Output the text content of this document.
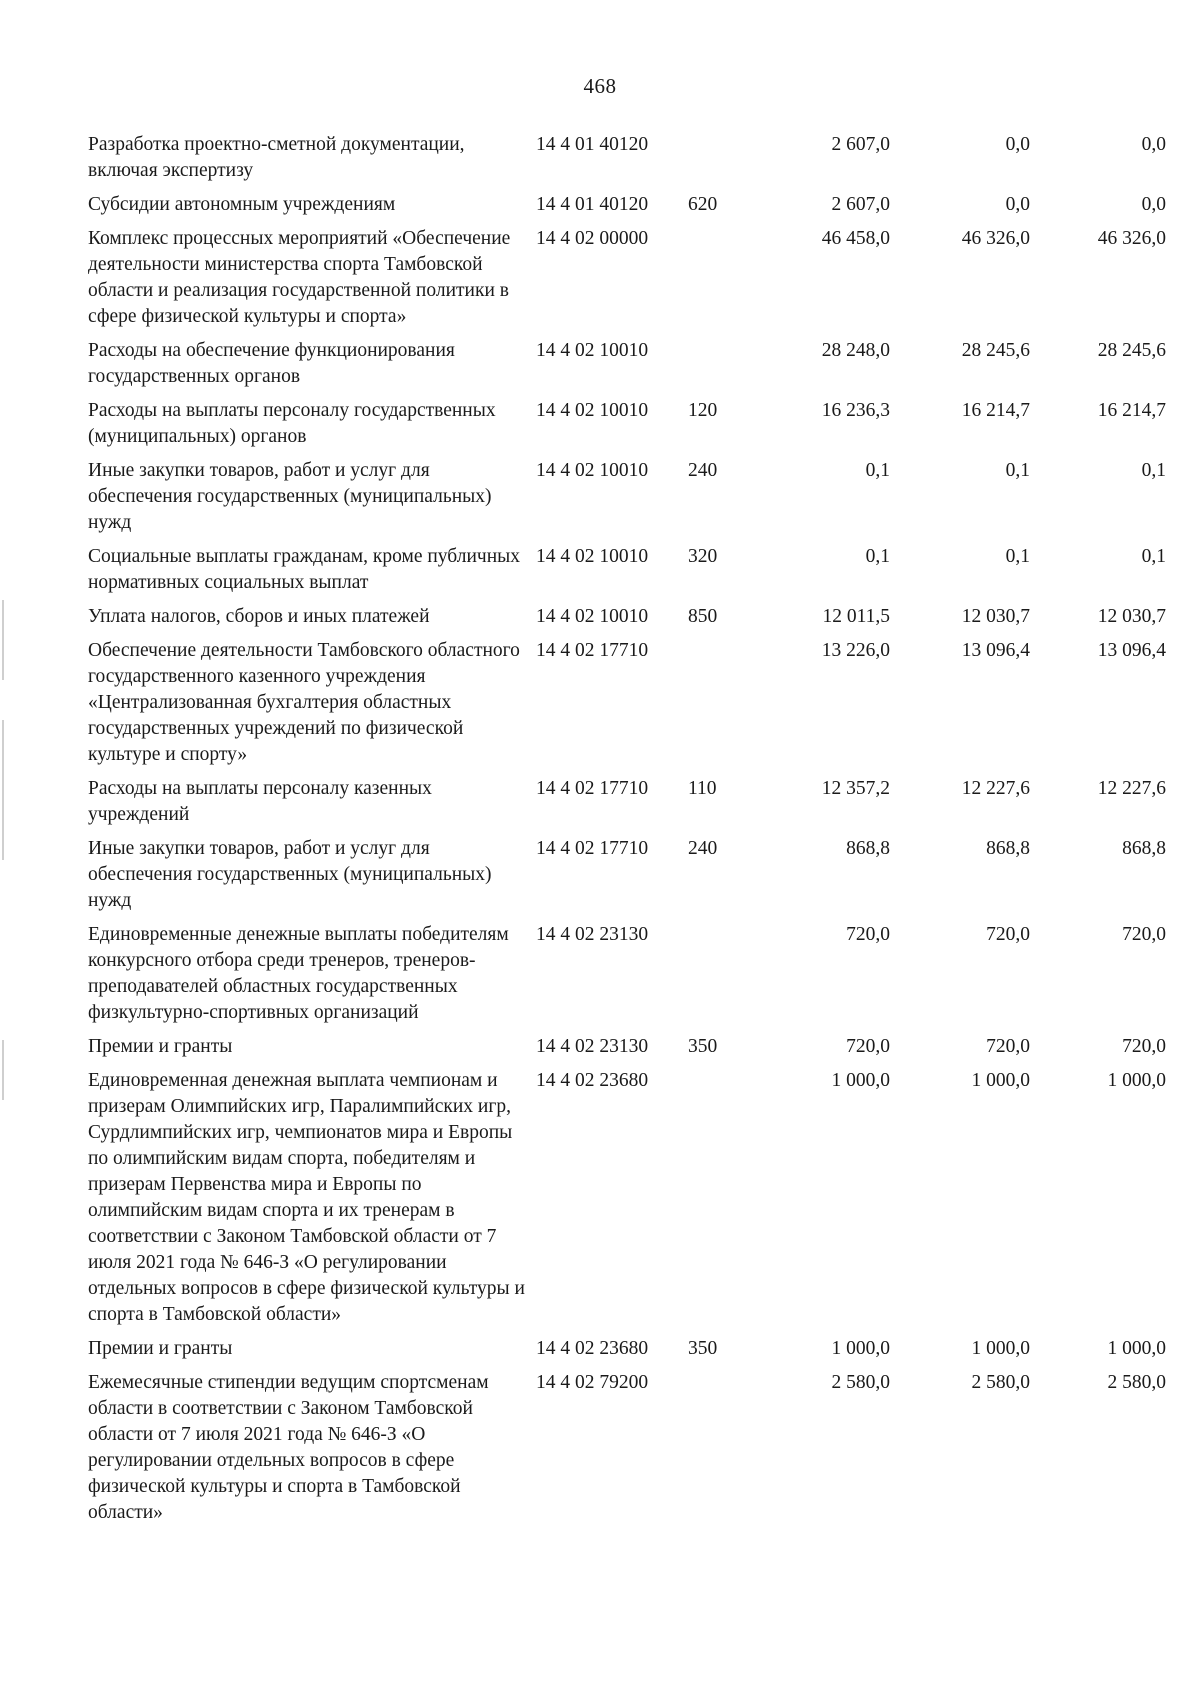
468
Разработка проектно-сметной документации, включая экспертизу	14 4 01 40120		2 607,0	0,0	0,0
Субсидии автономным учреждениям	14 4 01 40120	620	2 607,0	0,0	0,0
Комплекс процессных мероприятий «Обеспечение деятельности министерства спорта Тамбовской области и реализация государственной политики в сфере физической культуры и спорта»	14 4 02 00000		46 458,0	46 326,0	46 326,0
Расходы на обеспечение функционирования государственных органов	14 4 02 10010		28 248,0	28 245,6	28 245,6
Расходы на выплаты персоналу государственных (муниципальных) органов	14 4 02 10010	120	16 236,3	16 214,7	16 214,7
Иные закупки товаров, работ и услуг для обеспечения государственных (муниципальных) нужд	14 4 02 10010	240	0,1	0,1	0,1
Социальные выплаты гражданам, кроме публичных нормативных социальных выплат	14 4 02 10010	320	0,1	0,1	0,1
Уплата налогов, сборов и иных платежей	14 4 02 10010	850	12 011,5	12 030,7	12 030,7
Обеспечение деятельности Тамбовского областного государственного казенного учреждения «Централизованная бухгалтерия областных государственных учреждений по физической культуре и спорту»	14 4 02 17710		13 226,0	13 096,4	13 096,4
Расходы на выплаты персоналу казенных учреждений	14 4 02 17710	110	12 357,2	12 227,6	12 227,6
Иные закупки товаров, работ и услуг для обеспечения государственных (муниципальных) нужд	14 4 02 17710	240	868,8	868,8	868,8
Единовременные денежные выплаты победителям конкурсного отбора среди тренеров, тренеров-преподавателей областных государственных физкультурно-спортивных организаций	14 4 02 23130		720,0	720,0	720,0
Премии и гранты	14 4 02 23130	350	720,0	720,0	720,0
Единовременная денежная выплата чемпионам и призерам Олимпийских игр, Паралимпийских игр, Сурдлимпийских игр, чемпионатов мира и Европы по олимпийским видам спорта, победителям и призерам Первенства мира и Европы по олимпийским видам спорта и их тренерам в соответствии с Законом Тамбовской области от 7 июля 2021 года № 646-З «О регулировании отдельных вопросов в сфере физической культуры и спорта в Тамбовской области»	14 4 02 23680		1 000,0	1 000,0	1 000,0
Премии и гранты	14 4 02 23680	350	1 000,0	1 000,0	1 000,0
Ежемесячные стипендии ведущим спортсменам области в соответствии с Законом Тамбовской области от 7 июля 2021 года № 646-З «О регулировании отдельных вопросов в сфере физической культуры и спорта в Тамбовской области»	14 4 02 79200		2 580,0	2 580,0	2 580,0
